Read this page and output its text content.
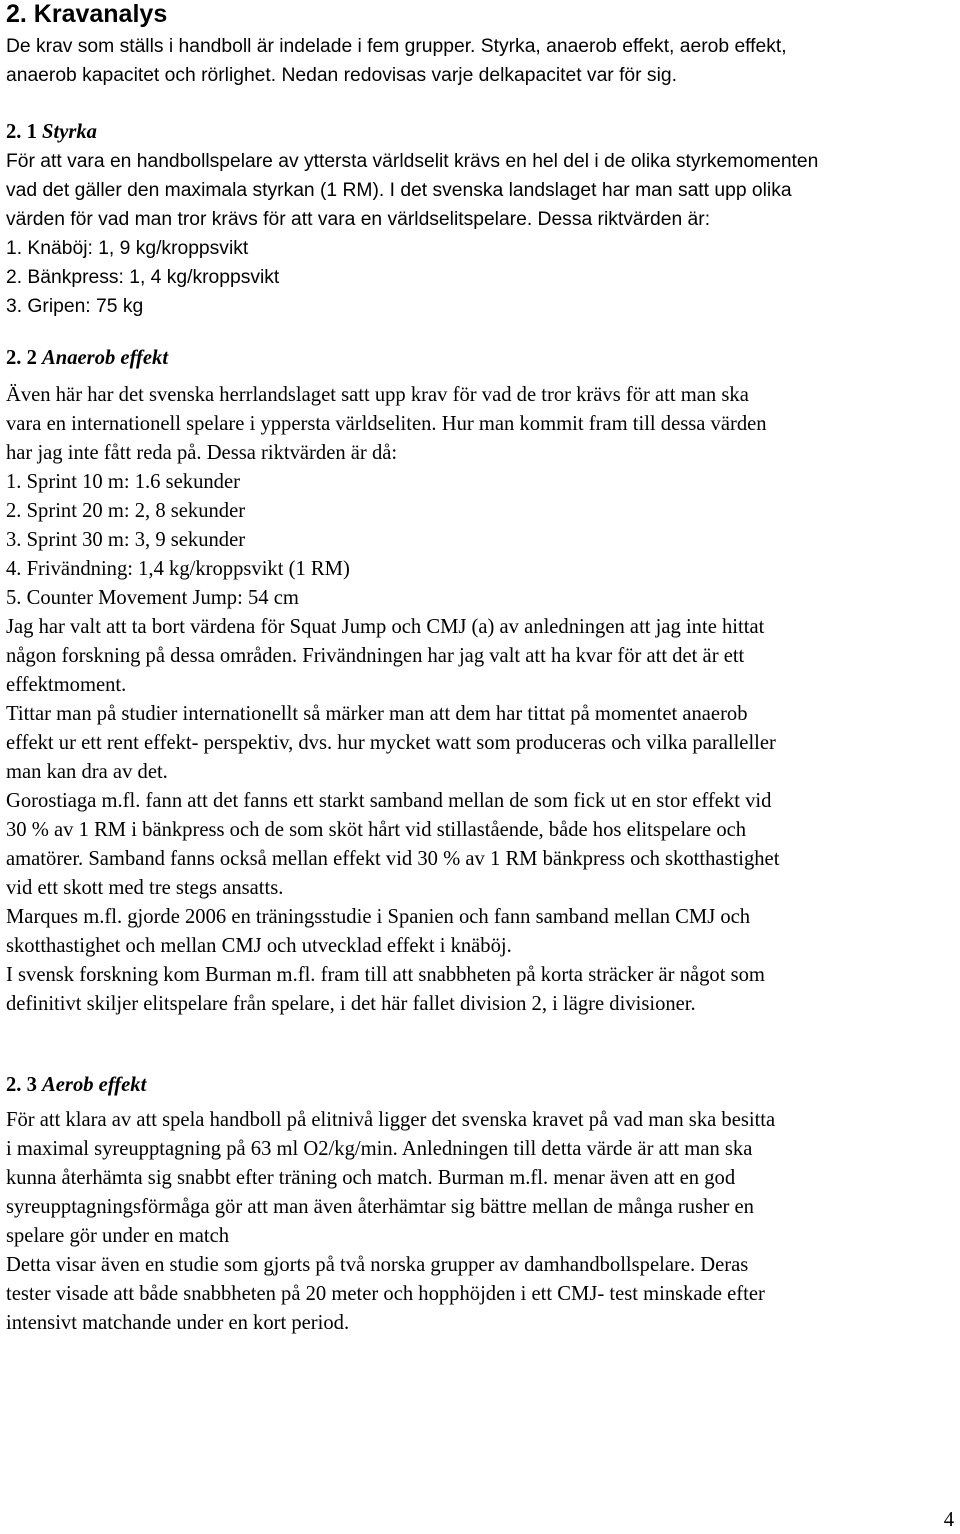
2. Kravanalys
De krav som ställs i handboll är indelade i fem grupper. Styrka, anaerob effekt, aerob effekt,
anaerob kapacitet och rörlighet. Nedan redovisas varje delkapacitet var för sig.
2. 1 Styrka
För att vara en handbollspelare av yttersta världselit krävs en hel del i de olika styrkemomenten
vad det gäller den maximala styrkan (1 RM). I det svenska landslaget har man satt upp olika
värden för vad man tror krävs för att vara en världselitspelare. Dessa riktvärden är:
1. Knäböj: 1, 9 kg/kroppsvikt
2. Bänkpress: 1, 4 kg/kroppsvikt
3. Gripen: 75 kg
2. 2 Anaerob effekt
Även här har det svenska herrlandslaget satt upp krav för vad de tror krävs för att man ska
vara en internationell spelare i yppersta världseliten. Hur man kommit fram till dessa värden
har jag inte fått reda på. Dessa riktvärden är då:
1. Sprint 10 m: 1.6 sekunder
2. Sprint 20 m: 2, 8 sekunder
3. Sprint 30 m: 3, 9 sekunder
4. Frivändning: 1,4 kg/kroppsvikt (1 RM)
5. Counter Movement Jump: 54 cm
Jag har valt att ta bort värdena för Squat Jump och CMJ (a) av anledningen att jag inte hittat
någon forskning på dessa områden. Frivändningen har jag valt att ha kvar för att det är ett
effektmoment.
Tittar man på studier internationellt så märker man att dem har tittat på momentet anaerob
effekt ur ett rent effekt- perspektiv, dvs. hur mycket watt som produceras och vilka paralleller
man kan dra av det.
Gorostiaga m.fl. fann att det fanns ett starkt samband mellan de som fick ut en stor effekt vid
30 % av 1 RM i bänkpress och de som sköt hårt vid stillastående, både hos elitspelare och
amatörer. Samband fanns också mellan effekt vid 30 % av 1 RM bänkpress och skotthastighet
vid ett skott med tre stegs ansatts.
Marques m.fl. gjorde 2006 en träningsstudie i Spanien och fann samband mellan CMJ och
skotthastighet och mellan CMJ och utvecklad effekt i knäböj.
I svensk forskning kom Burman m.fl. fram till att snabbheten på korta sträcker är något som
definitivt skiljer elitspelare från spelare, i det här fallet division 2, i lägre divisioner.
2. 3 Aerob effekt
För att klara av att spela handboll på elitnivå ligger det svenska kravet på vad man ska besitta
i maximal syreupptagning på 63 ml O2/kg/min. Anledningen till detta värde är att man ska
kunna återhämta sig snabbt efter träning och match. Burman m.fl. menar även att en god
syreupptagningsförmåga gör att man även återhämtar sig bättre mellan de många rusher en
spelare gör under en match
Detta visar även en studie som gjorts på två norska grupper av damhandbollspelare. Deras
tester visade att både snabbheten på 20 meter och hopphöjden i ett CMJ- test minskade efter
intensivt matchande under en kort period.
4
